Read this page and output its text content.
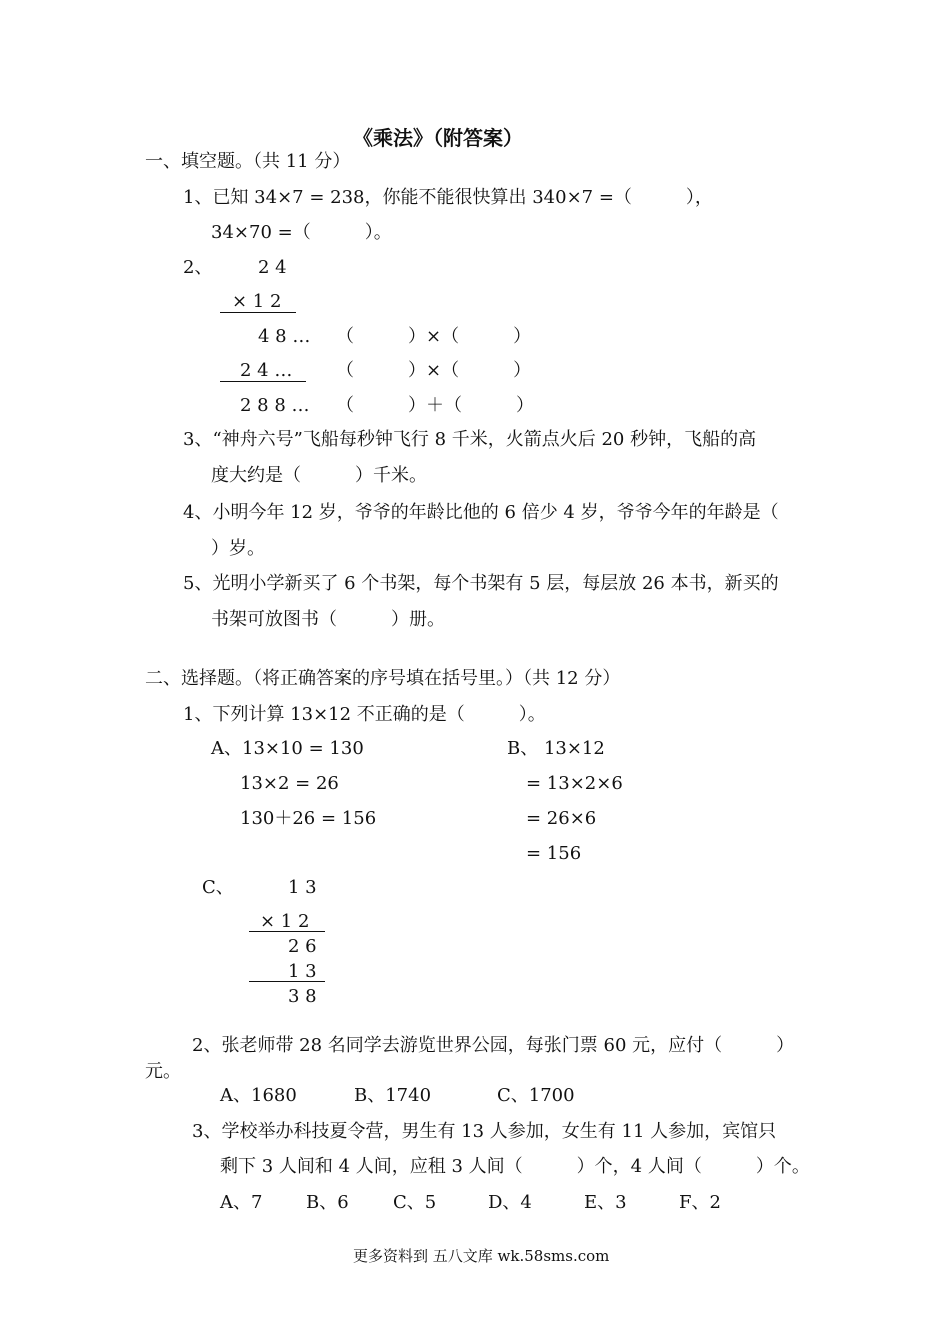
《乘法》（附答案）
一、填空题。（共 11 分）
1、已知 34×7 = 238，你能不能很快算出 340×7 =（　　　），
34×70 =（　　　）。
2、	2 4
× 1 2
4 8 … （　　　）×（　　　）
2 4 … （　　　）×（　　　）
2 8 8 … （　　　）＋（　　　）
3、“神舟六号”飞船每秒钟飞行 8 千米，火箭点火后 20 秒钟，飞船的高
度大约是（　　　）千米。
4、小明今年 12 岁，爷爷的年龄比他的 6 倍少 4 岁，爷爷今年的年龄是（
）岁。
5、光明小学新买了 6 个书架，每个书架有 5 层，每层放 26 本书，新买的
书架可放图书（　　　）册。
二、选择题。（将正确答案的序号填在括号里。）（共 12 分）
1、下列计算 13×12 不正确的是（　　　）。
A、13×10 = 130
13×2 = 26
130＋26 = 156
B、 13×12
= 13×2×6
= 26×6
= 156
C、	1 3
× 1 2
2 6
1 3
3 8
2、张老师带 28 名同学去游览世界公园，每张门票 60 元，应付（　　　）
元。
A、1680	B、1740	C、1700
3、学校举办科技夏令营，男生有 13 人参加，女生有 11 人参加，宾馆只
剩下 3 人间和 4 人间，应租 3 人间（　　　）个，4 人间（　　　）个。
A、7 B、6 C、5	D、4	E、3	F、2
更多资料到 五八文库 wk.58sms.com
